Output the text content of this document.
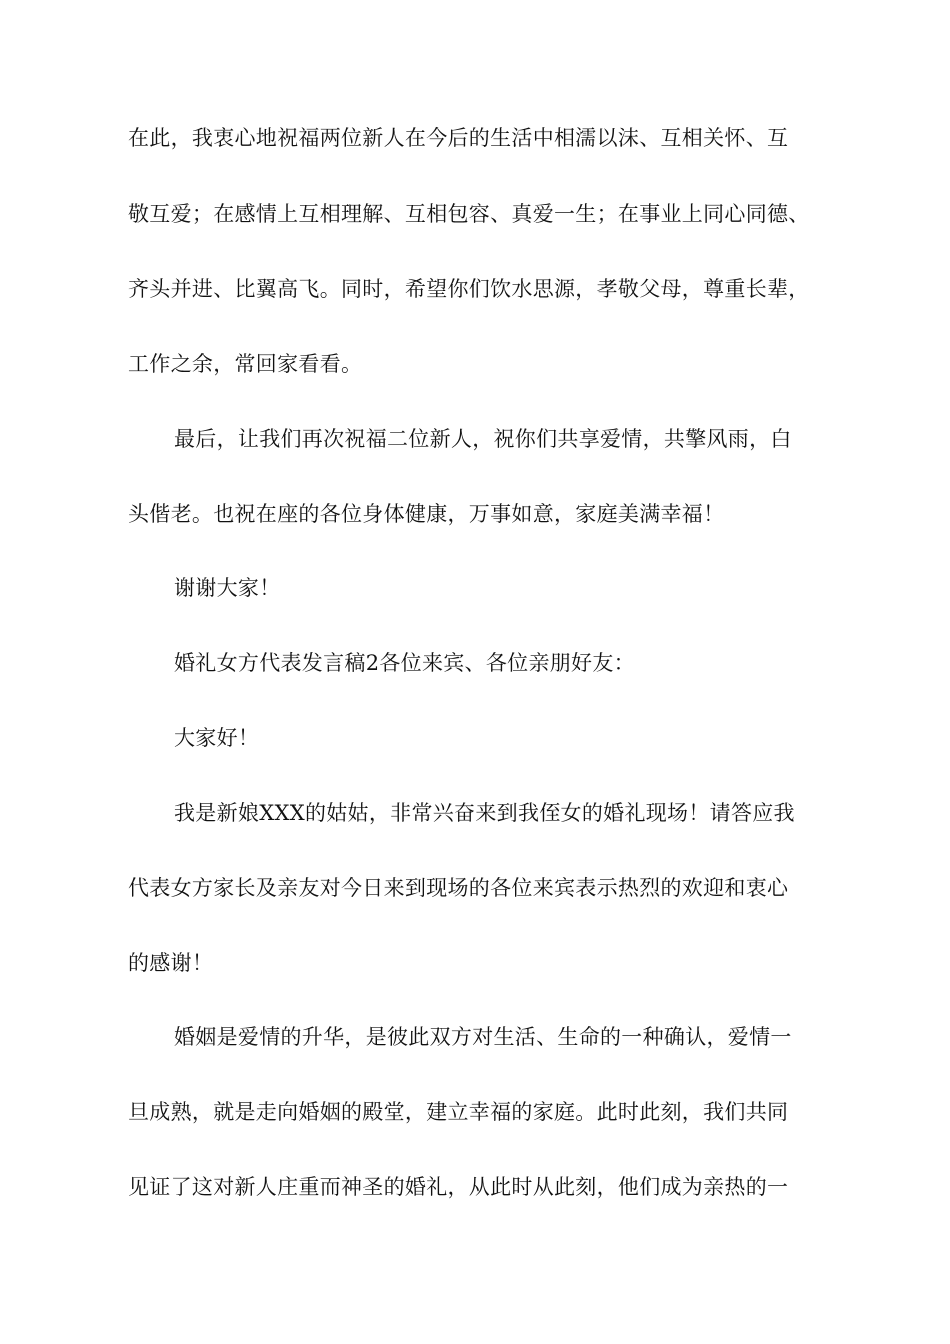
在此，我衷心地祝福两位新人在今后的生活中相濡以沫、互相关怀、互
敬互爱；在感情上互相理解、互相包容、真爱一生；在事业上同心同德、
齐头并进、比翼高飞。同时，希望你们饮水思源，孝敬父母，尊重长辈，
工作之余，常回家看看。
最后，让我们再次祝福二位新人，祝你们共享爱情，共擎风雨，白
头偕老。也祝在座的各位身体健康，万事如意，家庭美满幸福！
谢谢大家！
婚礼女方代表发言稿2各位来宾、各位亲朋好友：
大家好！
我是新娘XXX的姑姑，非常兴奋来到我侄女的婚礼现场！请答应我
代表女方家长及亲友对今日来到现场的各位来宾表示热烈的欢迎和衷心
的感谢！
婚姻是爱情的升华，是彼此双方对生活、生命的一种确认，爱情一
旦成熟，就是走向婚姻的殿堂，建立幸福的家庭。此时此刻，我们共同
见证了这对新人庄重而神圣的婚礼，从此时从此刻，他们成为亲热的一
